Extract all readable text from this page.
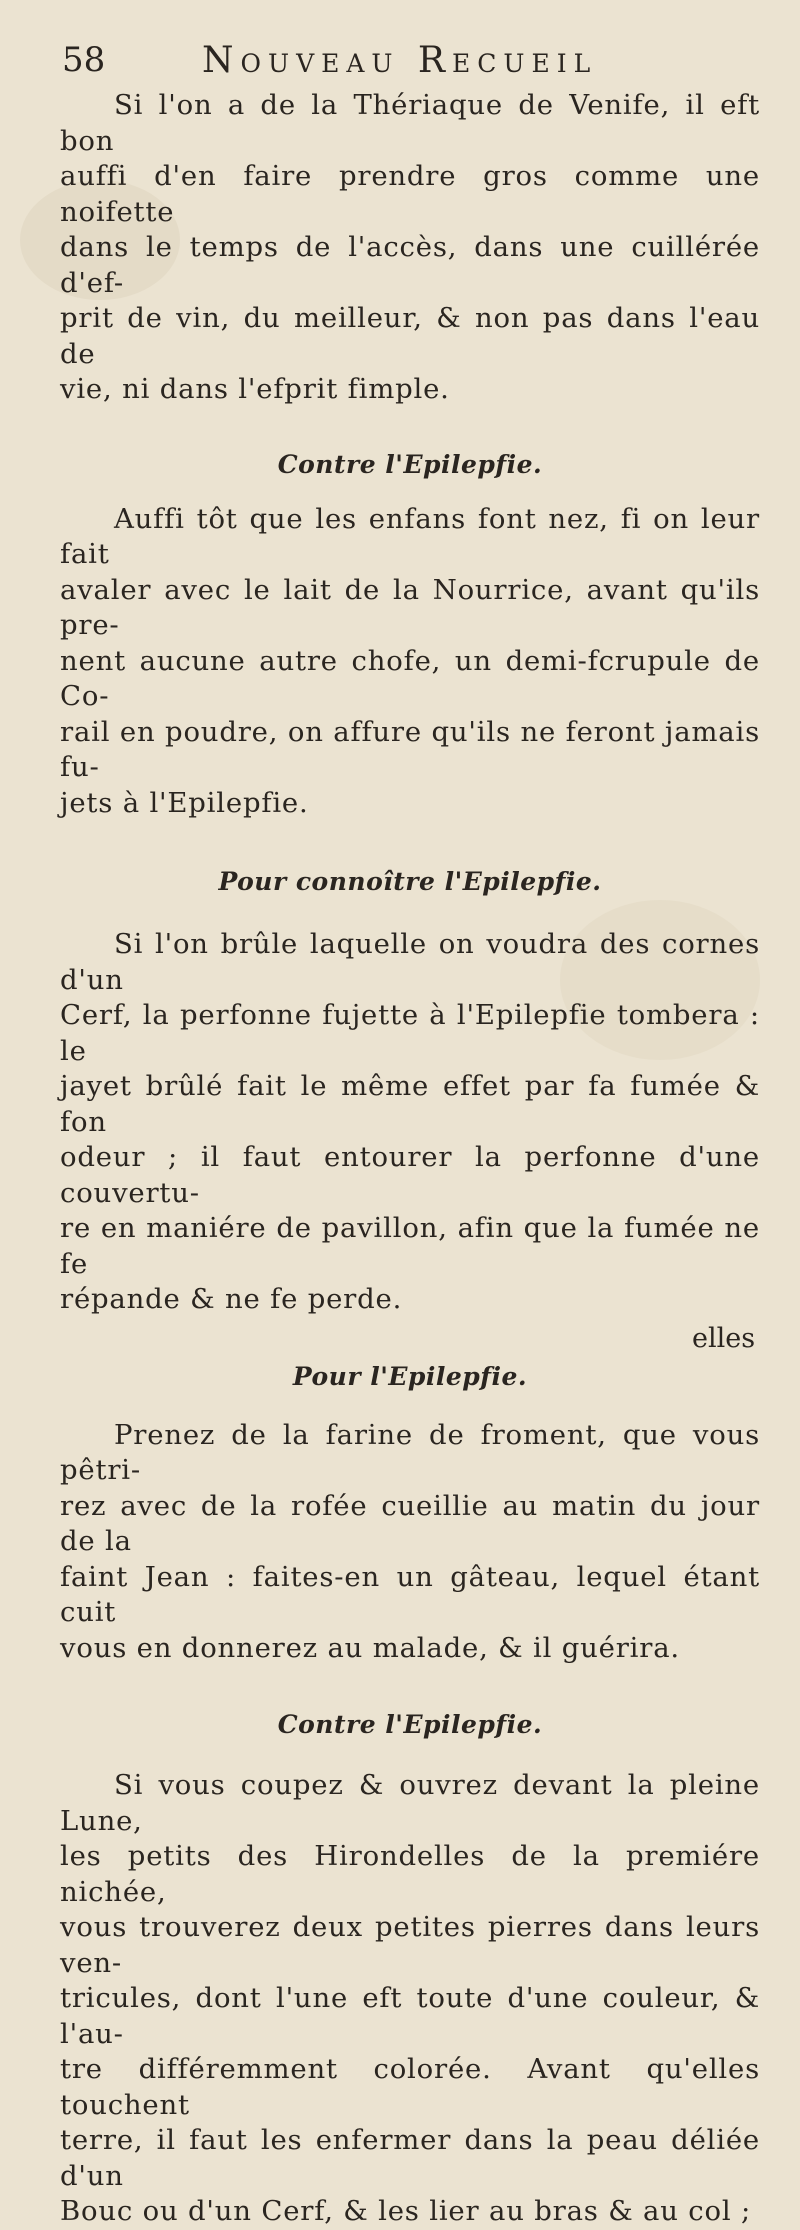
58	Nouveau Recueil

Si l'on a de la Thériaque de Venife, il eft bon
auffi d'en faire prendre gros comme une noifette
dans le temps de l'accès, dans une cuillérée d'ef-
prit de vin, du meilleur, & non pas dans l'eau de
vie, ni dans l'efprit fimple.

Contre l'Epilepfie.

Auffi tôt que les enfans font nez, fi on leur fait
avaler avec le lait de la Nourrice, avant qu'ils pre-
nent aucune autre chofe, un demi-fcrupule de Co-
rail en poudre, on affure qu'ils ne feront jamais fu-
jets à l'Epilepfie.

Pour connoître l'Epilepfie.

Si l'on brûle laquelle on voudra des cornes d'un
Cerf, la perfonne fujette à l'Epilepfie tombera : le
jayet brûlé fait le même effet par fa fumée & fon
odeur ; il faut entourer la perfonne d'une couvertu-
re en maniére de pavillon, afin que la fumée ne fe
répande & ne fe perde.

Pour l'Epilepfie.

Prenez de la farine de froment, que vous pêtri-
rez avec de la rofée cueillie au matin du jour de la
faint Jean : faites-en un gâteau, lequel étant cuit
vous en donnerez au malade, & il guérira.

Contre l'Epilepfie.

Si vous coupez & ouvrez devant la pleine Lune,
les petits des Hirondelles de la premiére nichée,
vous trouverez deux petites pierres dans leurs ven-
tricules, dont l'une eft toute d'une couleur, & l'au-
tre différemment colorée. Avant qu'elles touchent
terre, il faut les enfermer dans la peau déliée d'un
Bouc ou d'un Cerf, & les lier au bras & au col ;

elles
